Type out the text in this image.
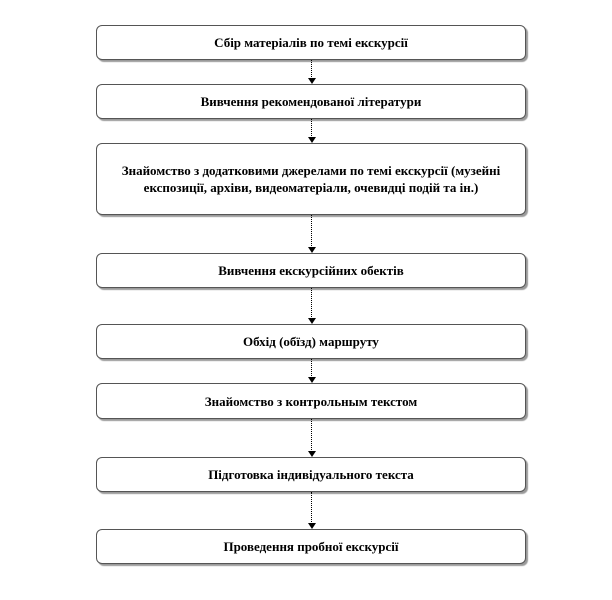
Сбір матеріалів по темі екскурсії
Вивчення рекомендованої літератури
Знайомство з додатковими джерелами по темі екскурсії (музейні експозиції, архіви, видеоматеріали, очевидці подій та ін.)
Вивчення екскурсійних обектів
Обхід (обїзд) маршруту
Знайомство з контрольным текстом
Підготовка індивідуального текста
Проведення пробної екскурсії
